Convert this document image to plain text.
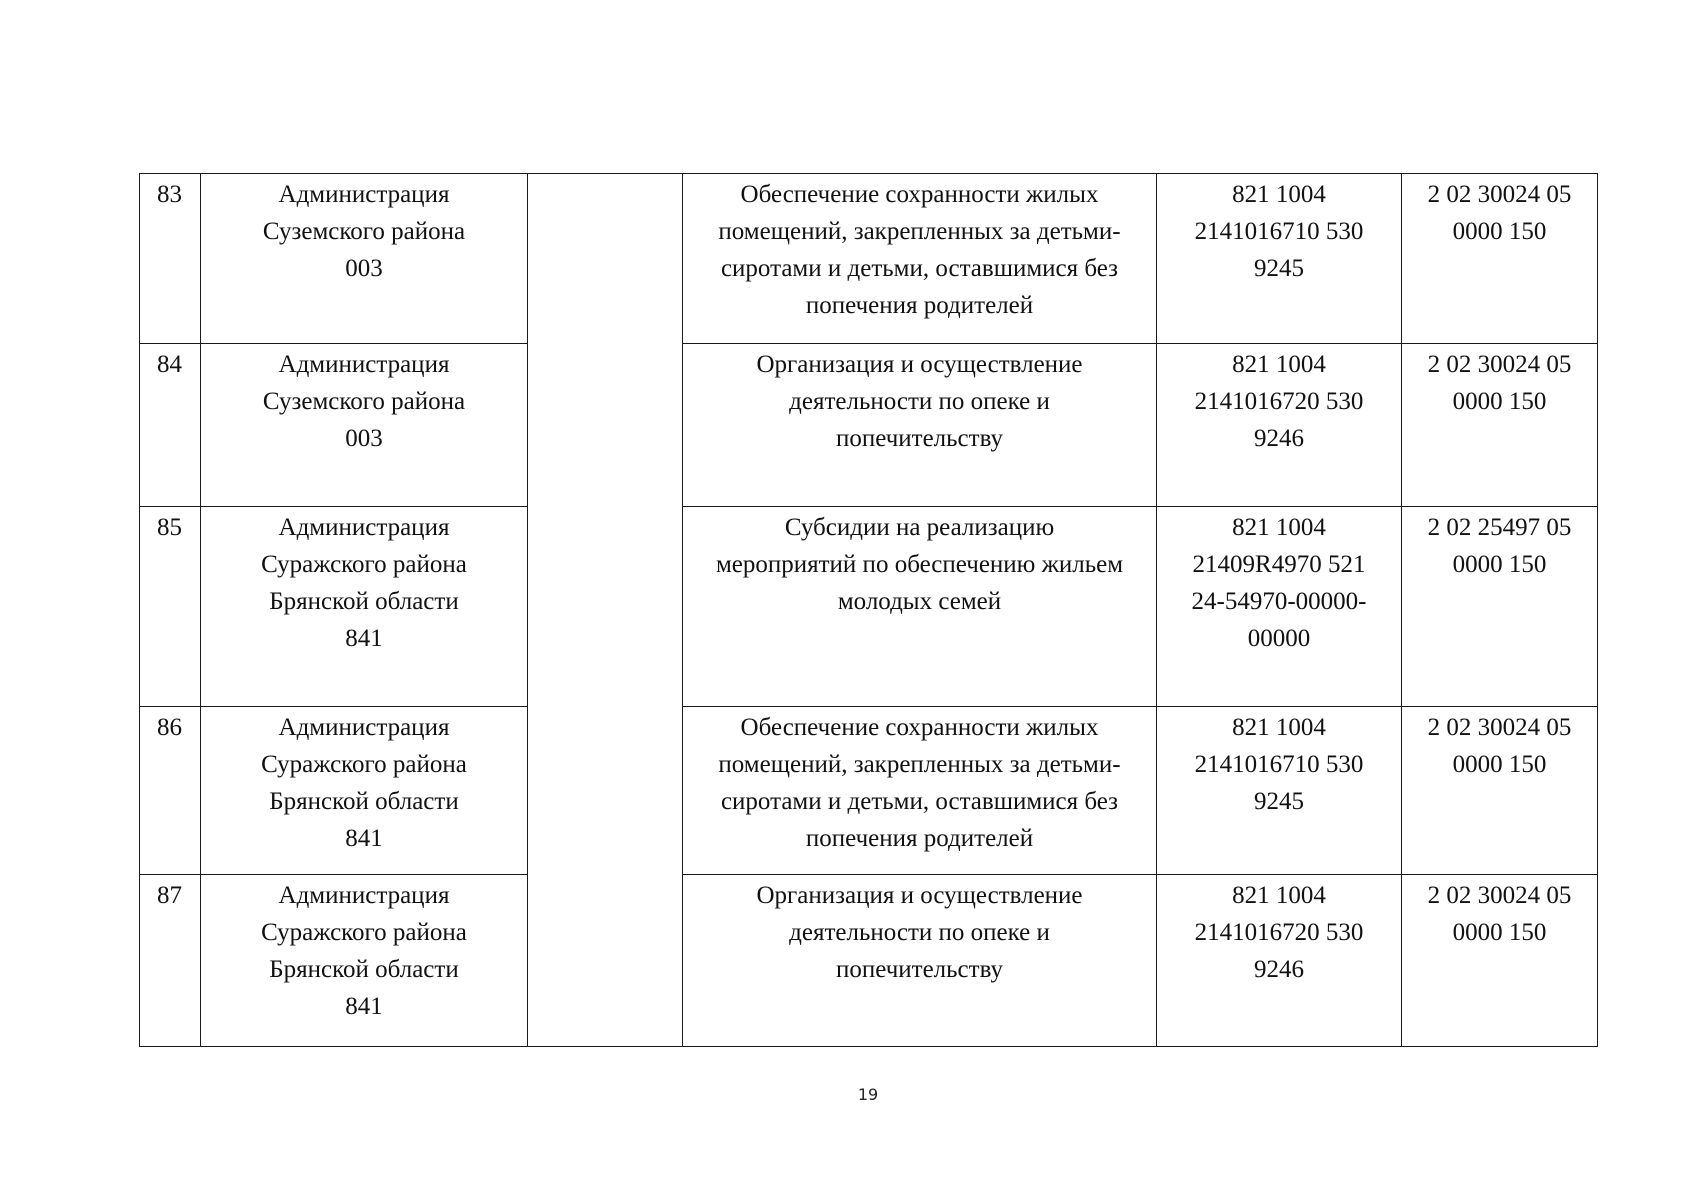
83	Администрация
Суземского района
003		Обеспечение сохранности жилых
помещений, закрепленных за детьми-
сиротами и детьми, оставшимися без
попечения родителей	821 1004
2141016710 530
9245	2 02 30024 05
0000 150

84	Администрация
Суземского района
003		Организация и осуществление
деятельности по опеке и
попечительству	821 1004
2141016720 530
9246	2 02 30024 05
0000 150

85	Администрация
Суражского района
Брянской области
841		Субсидии на реализацию
мероприятий по обеспечению жильем
молодых семей	821 1004
21409R4970 521
24-54970-00000-
00000	2 02 25497 05
0000 150

86	Администрация
Суражского района
Брянской области
841		Обеспечение сохранности жилых
помещений, закрепленных за детьми-
сиротами и детьми, оставшимися без
попечения родителей	821 1004
2141016710 530
9245	2 02 30024 05
0000 150

87	Администрация
Суражского района
Брянской области
841		Организация и осуществление
деятельности по опеке и
попечительству	821 1004
2141016720 530
9246	2 02 30024 05
0000 150
19
